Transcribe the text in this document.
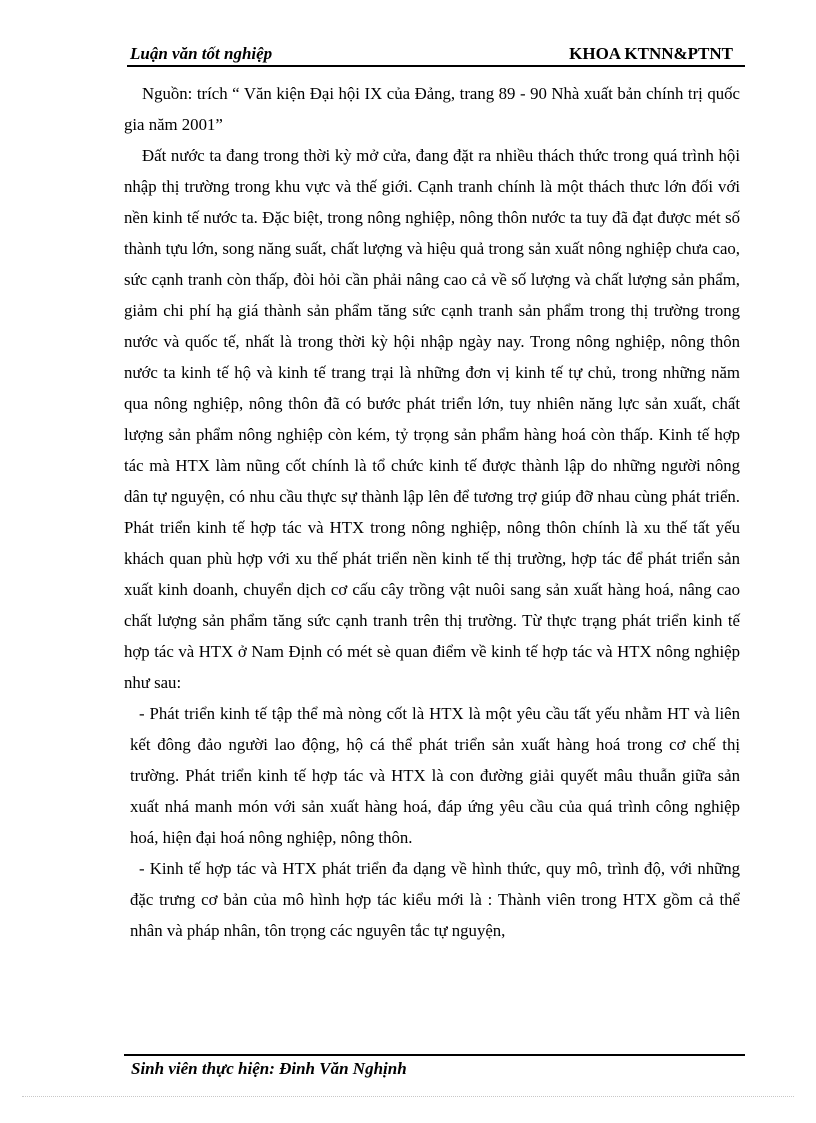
Luận văn tốt nghiệp	KHOA KTNN&PTNT

Nguồn: trích “ Văn kiện Đại hội IX của Đảng, trang 89 - 90 Nhà xuất bản chính trị quốc gia năm 2001”

Đất nước ta đang trong thời kỳ mở cửa, đang đặt ra nhiều thách thức trong quá trình hội nhập thị trường trong khu vực và thế giới. Cạnh tranh chính là một thách thưc lớn đối với nền kinh tế nước ta. Đặc biệt, trong nông nghiệp, nông thôn nước ta tuy đã đạt được mét số thành tựu lớn, song năng suất, chất lượng và hiệu quả trong sản xuất nông nghiệp chưa cao, sức cạnh tranh còn thấp, đòi hỏi cần phải nâng cao cả về số lượng và chất lượng sản phẩm, giảm chi phí hạ giá thành sản phẩm tăng sức cạnh tranh sản phẩm trong thị trường trong nước và quốc tế, nhất là trong thời kỳ hội nhập ngày nay. Trong nông nghiệp, nông thôn nước ta kinh tế hộ và kinh tế trang trại là những đơn vị kinh tế tự chủ, trong những năm qua nông nghiệp, nông thôn đã có bước phát triển lớn, tuy nhiên năng lực sản xuất, chất lượng sản phẩm nông nghiệp còn kém, tỷ trọng sản phẩm hàng hoá còn thấp. Kinh tế hợp tác mà HTX làm nũng cốt chính là tổ chức kinh tế được thành lập do những người nông dân tự nguyện, có nhu cầu thực sự thành lập lên để tương trợ giúp đỡ nhau cùng phát triển. Phát triển kinh tế hợp tác và HTX trong nông nghiệp, nông thôn chính là xu thế tất yếu khách quan phù hợp với xu thế phát triển nền kinh tế thị trường, hợp tác để phát triển sản xuất kinh doanh, chuyển dịch cơ cấu cây trồng vật nuôi sang sản xuất hàng hoá, nâng cao chất lượng sản phẩm tăng sức cạnh tranh trên thị trường. Từ thực trạng phát triển kinh tế hợp tác và HTX ở Nam Định có mét sè quan điểm về kinh tế hợp tác và HTX nông nghiệp như sau:

- Phát triển kinh tế tập thể mà nòng cốt là HTX là một yêu cầu tất yếu nhằm HT và liên kết đông đảo người lao động, hộ cá thể phát triển sản xuất hàng hoá trong cơ chế thị trường. Phát triển kinh tế hợp tác và HTX là con đường giải quyết mâu thuẫn giữa sản xuất nhá manh món với sản xuất hàng hoá, đáp ứng yêu cầu của quá trình công nghiệp hoá, hiện đại hoá nông nghiệp, nông thôn.

- Kinh tế hợp tác và HTX phát triển đa dạng về hình thức, quy mô, trình độ, với những đặc trưng cơ bản của mô hình hợp tác kiểu mới là : Thành viên trong HTX gồm cả thể nhân và pháp nhân, tôn trọng các nguyên tắc tự nguyện,

Sinh viên thực hiện: Đinh Văn Nghịnh
